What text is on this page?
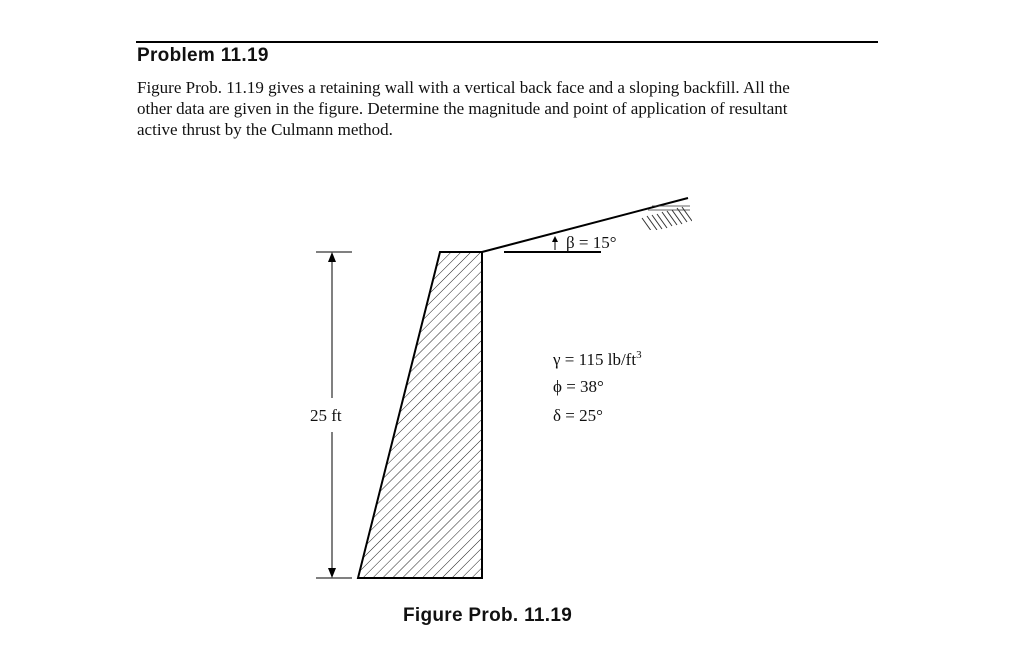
Problem 11.19
Figure Prob. 11.19 gives a retaining wall with a vertical back face and a sloping backfill. All the
other data are given in the figure. Determine the magnitude and point of application of resultant
active thrust by the Culmann method.
β = 15°
25 ft
γ = 115 $lb/ft^3$
ϕ = 38°
δ = 25°
Figure Prob. 11.19
